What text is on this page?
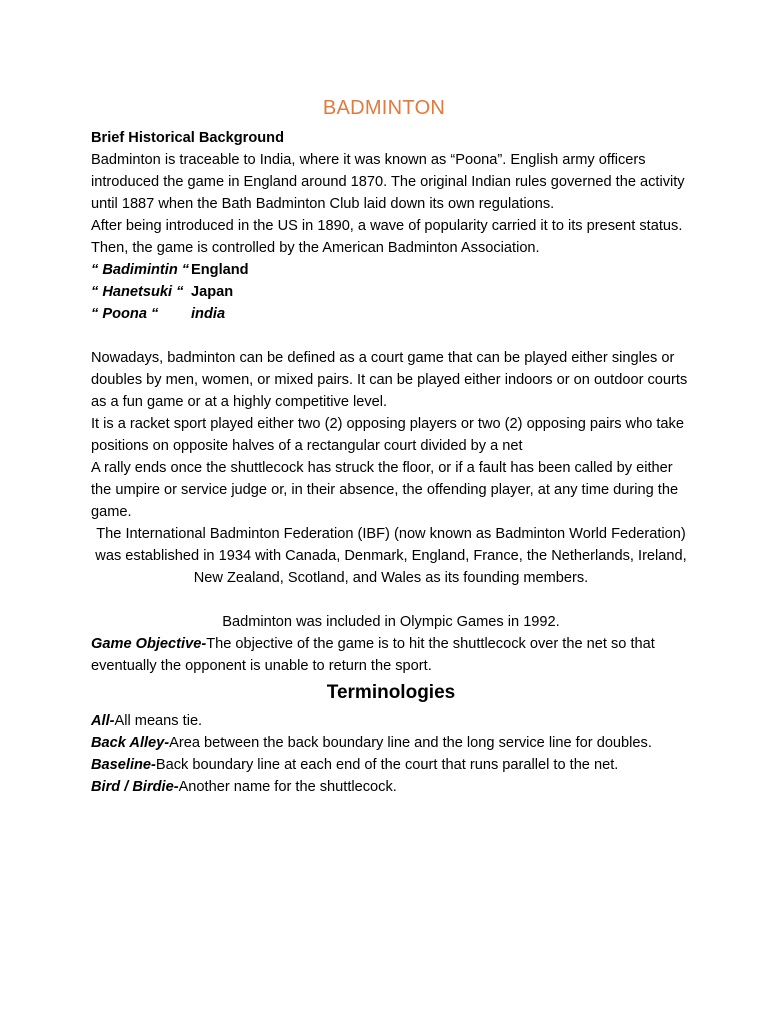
BADMINTON

Brief Historical Background

Badminton is traceable to India, where it was known as “Poona”. English army officers introduced the game in England around 1870. The original Indian rules governed the activity until 1887 when the Bath Badminton Club laid down its own regulations.

After being introduced in the US in 1890, a wave of popularity carried it to its present status. Then, the game is controlled by the American Badminton Association.

“ Badimintin “ England
“ Hanetsuki “ Japan
“ Poona “ india

Nowadays, badminton can be defined as a court game that can be played either singles or doubles by men, women, or mixed pairs. It can be played either indoors or on outdoor courts as a fun game or at a highly competitive level.

It is a racket sport played either two (2) opposing players or two (2) opposing pairs who take positions on opposite halves of a rectangular court divided by a net

A rally ends once the shuttlecock has struck the floor, or if a fault has been called by either the umpire or service judge or, in their absence, the offending player, at any time during the game.

The International Badminton Federation (IBF) (now known as Badminton World Federation) was established in 1934 with Canada, Denmark, England, France, the Netherlands, Ireland, New Zealand, Scotland, and Wales as its founding members.

Badminton was included in Olympic Games in 1992.

Game Objective-The objective of the game is to hit the shuttlecock over the net so that eventually the opponent is unable to return the sport.

Terminologies

All-All means tie.

Back Alley-Area between the back boundary line and the long service line for doubles.

Baseline-Back boundary line at each end of the court that runs parallel to the net.

Bird / Birdie-Another name for the shuttlecock.
